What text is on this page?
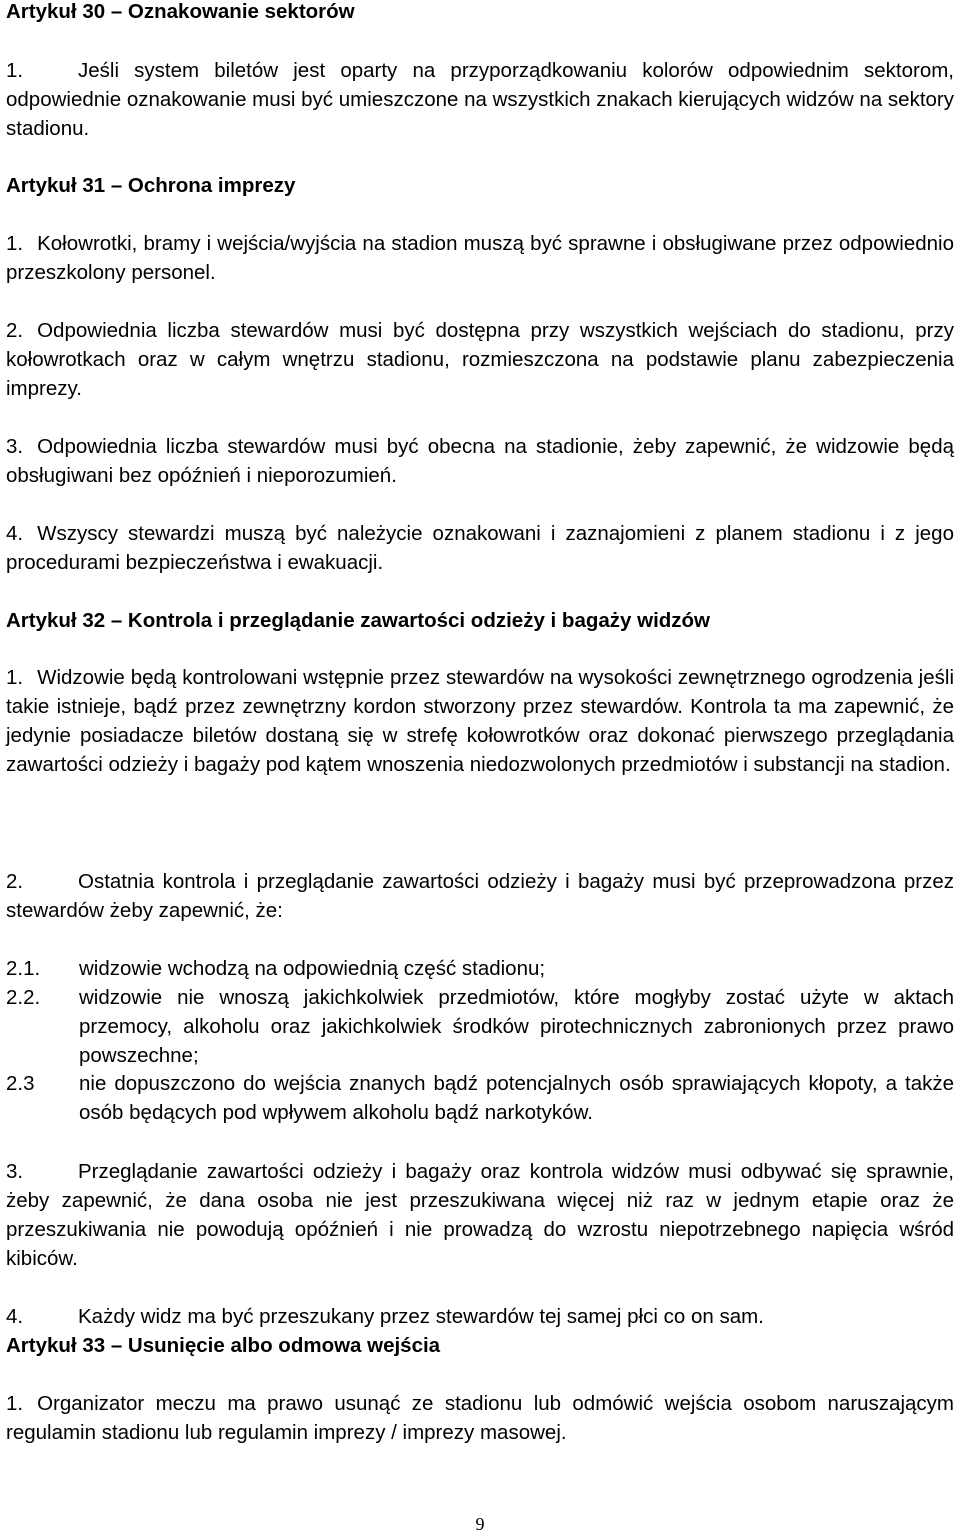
Artykuł 30 – Oznakowanie sektorów
1.	Jeśli system biletów jest oparty na przyporządkowaniu kolorów odpowiednim sektorom, odpowiednie oznakowanie musi być umieszczone na wszystkich znakach kierujących widzów na sektory stadionu.
Artykuł 31 – Ochrona imprezy
1. Kołowrotki, bramy i wejścia/wyjścia na stadion muszą być sprawne i obsługiwane przez odpowiednio przeszkolony personel.
2. Odpowiednia liczba stewardów musi być dostępna przy wszystkich wejściach do stadionu, przy kołowrotkach oraz w całym wnętrzu stadionu, rozmieszczona na podstawie planu zabezpieczenia imprezy.
3. Odpowiednia liczba stewardów musi być obecna na stadionie, żeby zapewnić, że widzowie będą obsługiwani bez opóźnień i nieporozumień.
4. Wszyscy stewardzi muszą być należycie oznakowani i zaznajomieni z planem stadionu i z jego procedurami bezpieczeństwa i ewakuacji.
Artykuł 32 – Kontrola i przeglądanie zawartości odzieży i bagaży widzów
1. Widzowie będą kontrolowani wstępnie przez stewardów na wysokości zewnętrznego ogrodzenia jeśli takie istnieje, bądź przez zewnętrzny kordon stworzony przez stewardów. Kontrola ta ma zapewnić, że jedynie posiadacze biletów dostaną się w strefę kołowrotków oraz dokonać pierwszego przeglądania zawartości odzieży i bagaży pod kątem wnoszenia niedozwolonych przedmiotów i substancji na stadion.
2.	Ostatnia kontrola i przeglądanie zawartości odzieży i bagaży musi być przeprowadzona przez stewardów żeby zapewnić, że:
2.1. widzowie wchodzą na odpowiednią część stadionu;
2.2. widzowie nie wnoszą jakichkolwiek przedmiotów, które mogłyby zostać użyte w aktach przemocy, alkoholu oraz jakichkolwiek środków pirotechnicznych zabronionych przez prawo powszechne;
2.3 nie dopuszczono do wejścia znanych bądź potencjalnych osób sprawiających kłopoty, a także osób będących pod wpływem alkoholu bądź narkotyków.
3.	Przeglądanie zawartości odzieży i bagaży oraz kontrola widzów musi odbywać się sprawnie, żeby zapewnić, że dana osoba nie jest przeszukiwana więcej niż raz w jednym etapie oraz że przeszukiwania nie powodują opóźnień i nie prowadzą do wzrostu niepotrzebnego napięcia wśród kibiców.
4.	Każdy widz ma być przeszukany przez stewardów tej samej płci co on sam.
Artykuł 33 – Usunięcie albo odmowa wejścia
1. Organizator meczu ma prawo usunąć ze stadionu lub odmówić wejścia osobom naruszającym regulamin stadionu lub regulamin imprezy / imprezy masowej.
9
